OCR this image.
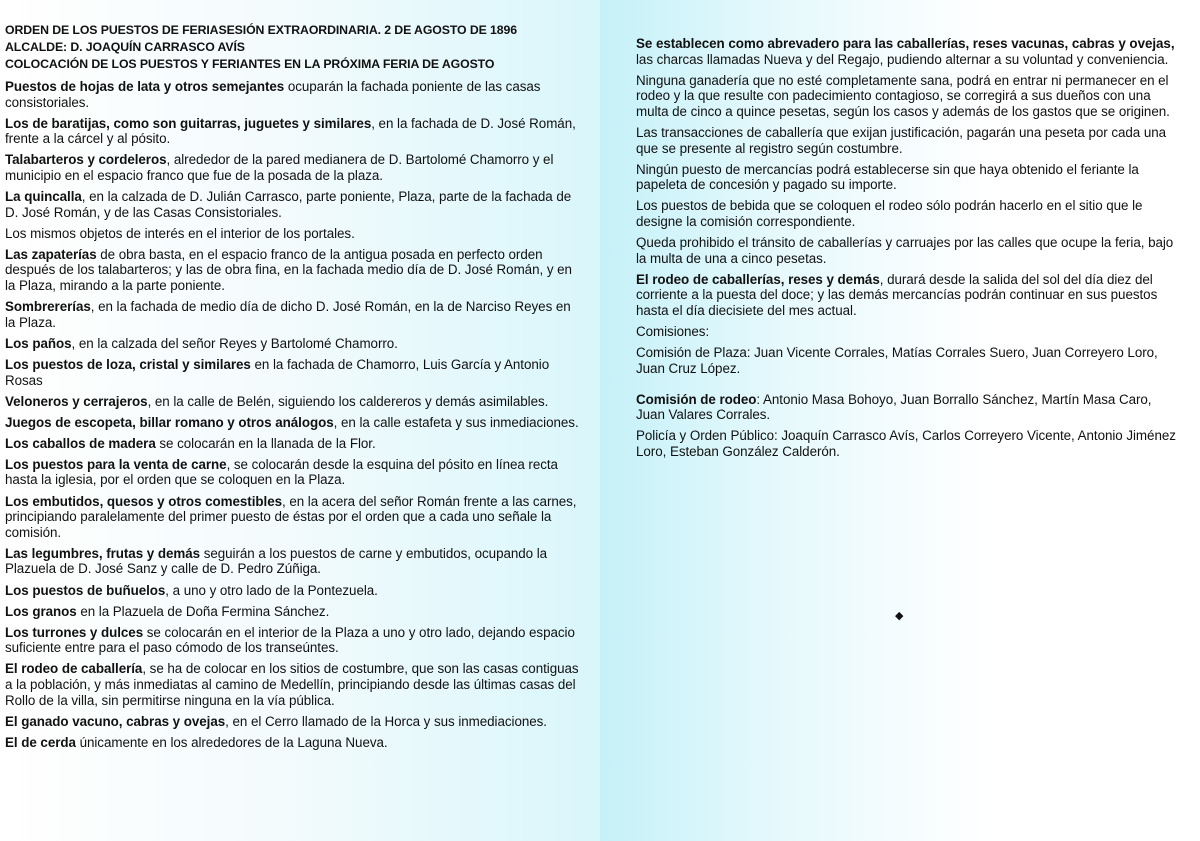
ORDEN DE LOS PUESTOS DE FERIASESIÓN EXTRAORDINARIA. 2 DE AGOSTO DE 1896
ALCALDE: D. JOAQUÍN CARRASCO AVÍS
COLOCACIÓN DE LOS PUESTOS Y FERIANTES EN LA PRÓXIMA FERIA DE AGOSTO

Puestos de hojas de lata y otros semejantes ocuparán la fachada poniente de las casas consistoriales.

Los de baratijas, como son guitarras, juguetes y similares, en la fachada de D. José Román, frente a la cárcel y al pósito.

Talabarteros y cordeleros, alrededor de la pared medianera de D. Bartolomé Chamorro y el municipio en el espacio franco que fue de la posada de la plaza.

La quincalla, en la calzada de D. Julián Carrasco, parte poniente, Plaza, parte de la fachada de D. José Román, y de las Casas Consistoriales.

Los mismos objetos de interés en el interior de los portales.

Las zapaterías de obra basta, en el espacio franco de la antigua posada en perfecto orden después de los talabarteros; y las de obra fina, en la fachada medio día de D. José Román, y en la Plaza, mirando a la parte poniente.

Sombrererías, en la fachada de medio día de dicho D. José Román, en la de Narciso Reyes en la Plaza.

Los paños, en la calzada del señor Reyes y Bartolomé Chamorro.

Los puestos de loza, cristal y similares en la fachada de Chamorro, Luis García y Antonio Rosas

Veloneros y cerrajeros, en la calle de Belén, siguiendo los caldereros y demás asimilables.

Juegos de escopeta, billar romano y otros análogos, en la calle estafeta y sus inmediaciones.

Los caballos de madera se colocarán en la llanada de la Flor.

Los puestos para la venta de carne, se colocarán desde la esquina del pósito en línea recta hasta la iglesia, por el orden que se coloquen en la Plaza.

Los embutidos, quesos y otros comestibles, en la acera del señor Román frente a las carnes, principiando paralelamente del primer puesto de éstas por el orden que a cada uno señale la comisión.

Las legumbres, frutas y demás seguirán a los puestos de carne y embutidos, ocupando la Plazuela de D. José Sanz y calle de D. Pedro Zúñiga.

Los puestos de buñuelos, a uno y otro lado de la Pontezuela.

Los granos en la Plazuela de Doña Fermina Sánchez.

Los turrones y dulces se colocarán en el interior de la Plaza a uno y otro lado, dejando espacio suficiente entre para el paso cómodo de los transeúntes.

El rodeo de caballería, se ha de colocar en los sitios de costumbre, que son las casas contiguas a la población, y más inmediatas al camino de Medellín, principiando desde las últimas casas del Rollo de la villa, sin permitirse ninguna en la vía pública.

El ganado vacuno, cabras y ovejas, en el Cerro llamado de la Horca y sus inmediaciones.

El de cerda únicamente en los alrededores de la Laguna Nueva.

Se establecen como abrevadero para las caballerías, reses vacunas, cabras y ovejas, las charcas llamadas Nueva y del Regajo, pudiendo alternar a su voluntad y conveniencia.

Ninguna ganadería que no esté completamente sana, podrá en entrar ni permanecer en el rodeo y la que resulte con padecimiento contagioso, se corregirá a sus dueños con una multa de cinco a quince pesetas, según los casos y además de los gastos que se originen.

Las transacciones de caballería que exijan justificación, pagarán una peseta por cada una que se presente al registro según costumbre.

Ningún puesto de mercancías podrá establecerse sin que haya obtenido el feriante la papeleta de concesión y pagado su importe.

Los puestos de bebida que se coloquen el rodeo sólo podrán hacerlo en el sitio que le designe la comisión correspondiente.

Queda prohibido el tránsito de caballerías y carruajes por las calles que ocupe la feria, bajo la multa de una a cinco pesetas.

El rodeo de caballerías, reses y demás, durará desde la salida del sol del día diez del corriente a la puesta del doce; y las demás mercancías podrán continuar en sus puestos hasta el día diecisiete del mes actual.

Comisiones:

Comisión de Plaza: Juan Vicente Corrales, Matías Corrales Suero, Juan Correyero Loro, Juan Cruz López.

Comisión de rodeo: Antonio Masa Bohoyo, Juan Borrallo Sánchez, Martín Masa Caro, Juan Valares Corrales.

Policía y Orden Público: Joaquín Carrasco Avís, Carlos Correyero Vicente, Antonio Jiménez Loro, Esteban González Calderón.

◆
